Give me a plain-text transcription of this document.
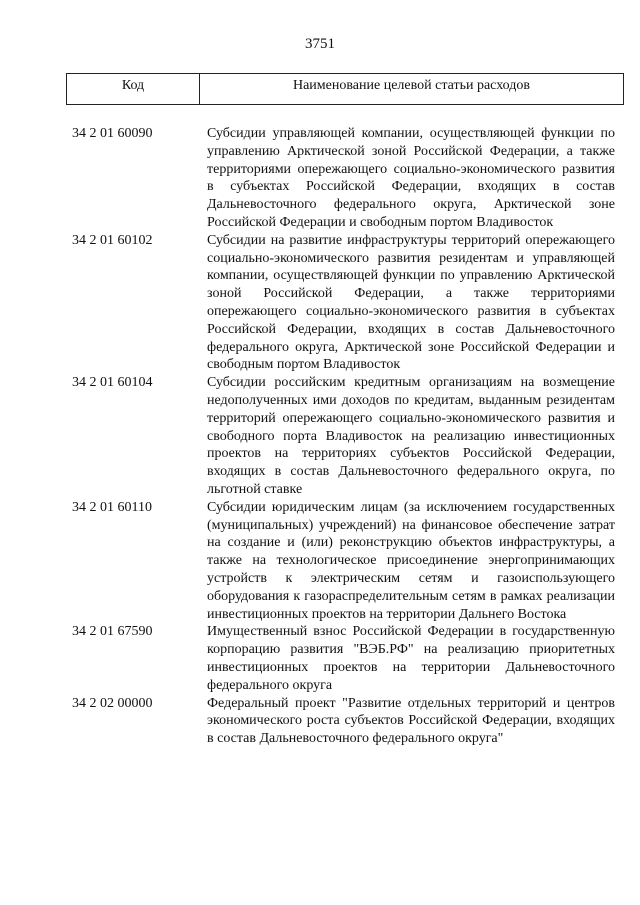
3751
Код	Наименование целевой статьи расходов
34 2 01 60090	Субсидии управляющей компании, осуществляющей функции по управлению Арктической зоной Российской Федерации, а также территориями опережающего социально-экономического развития в субъектах Российской Федерации, входящих в состав Дальневосточного федерального округа, Арктической зоне Российской Федерации и свободным портом Владивосток
34 2 01 60102	Субсидии на развитие инфраструктуры территорий опережающего социально-экономического развития резидентам и управляющей компании, осуществляющей функции по управлению Арктической зоной Российской Федерации, а также территориями опережающего социально-экономического развития в субъектах Российской Федерации, входящих в состав Дальневосточного федерального округа, Арктической зоне Российской Федерации и свободным портом Владивосток
34 2 01 60104	Субсидии российским кредитным организациям на возмещение недополученных ими доходов по кредитам, выданным резидентам территорий опережающего социально-экономического развития и свободного порта Владивосток на реализацию инвестиционных проектов на территориях субъектов Российской Федерации, входящих в состав Дальневосточного федерального округа, по льготной ставке
34 2 01 60110	Субсидии юридическим лицам (за исключением государственных (муниципальных) учреждений) на финансовое обеспечение затрат на создание и (или) реконструкцию объектов инфраструктуры, а также на технологическое присоединение энергопринимающих устройств к электрическим сетям и газоиспользующего оборудования к газораспределительным сетям в рамках реализации инвестиционных проектов на территории Дальнего Востока
34 2 01 67590	Имущественный взнос Российской Федерации в государственную корпорацию развития "ВЭБ.РФ" на реализацию приоритетных инвестиционных проектов на территории Дальневосточного федерального округа
34 2 02 00000	Федеральный проект "Развитие отдельных территорий и центров экономического роста субъектов Российской Федерации, входящих в состав Дальневосточного федерального округа"
